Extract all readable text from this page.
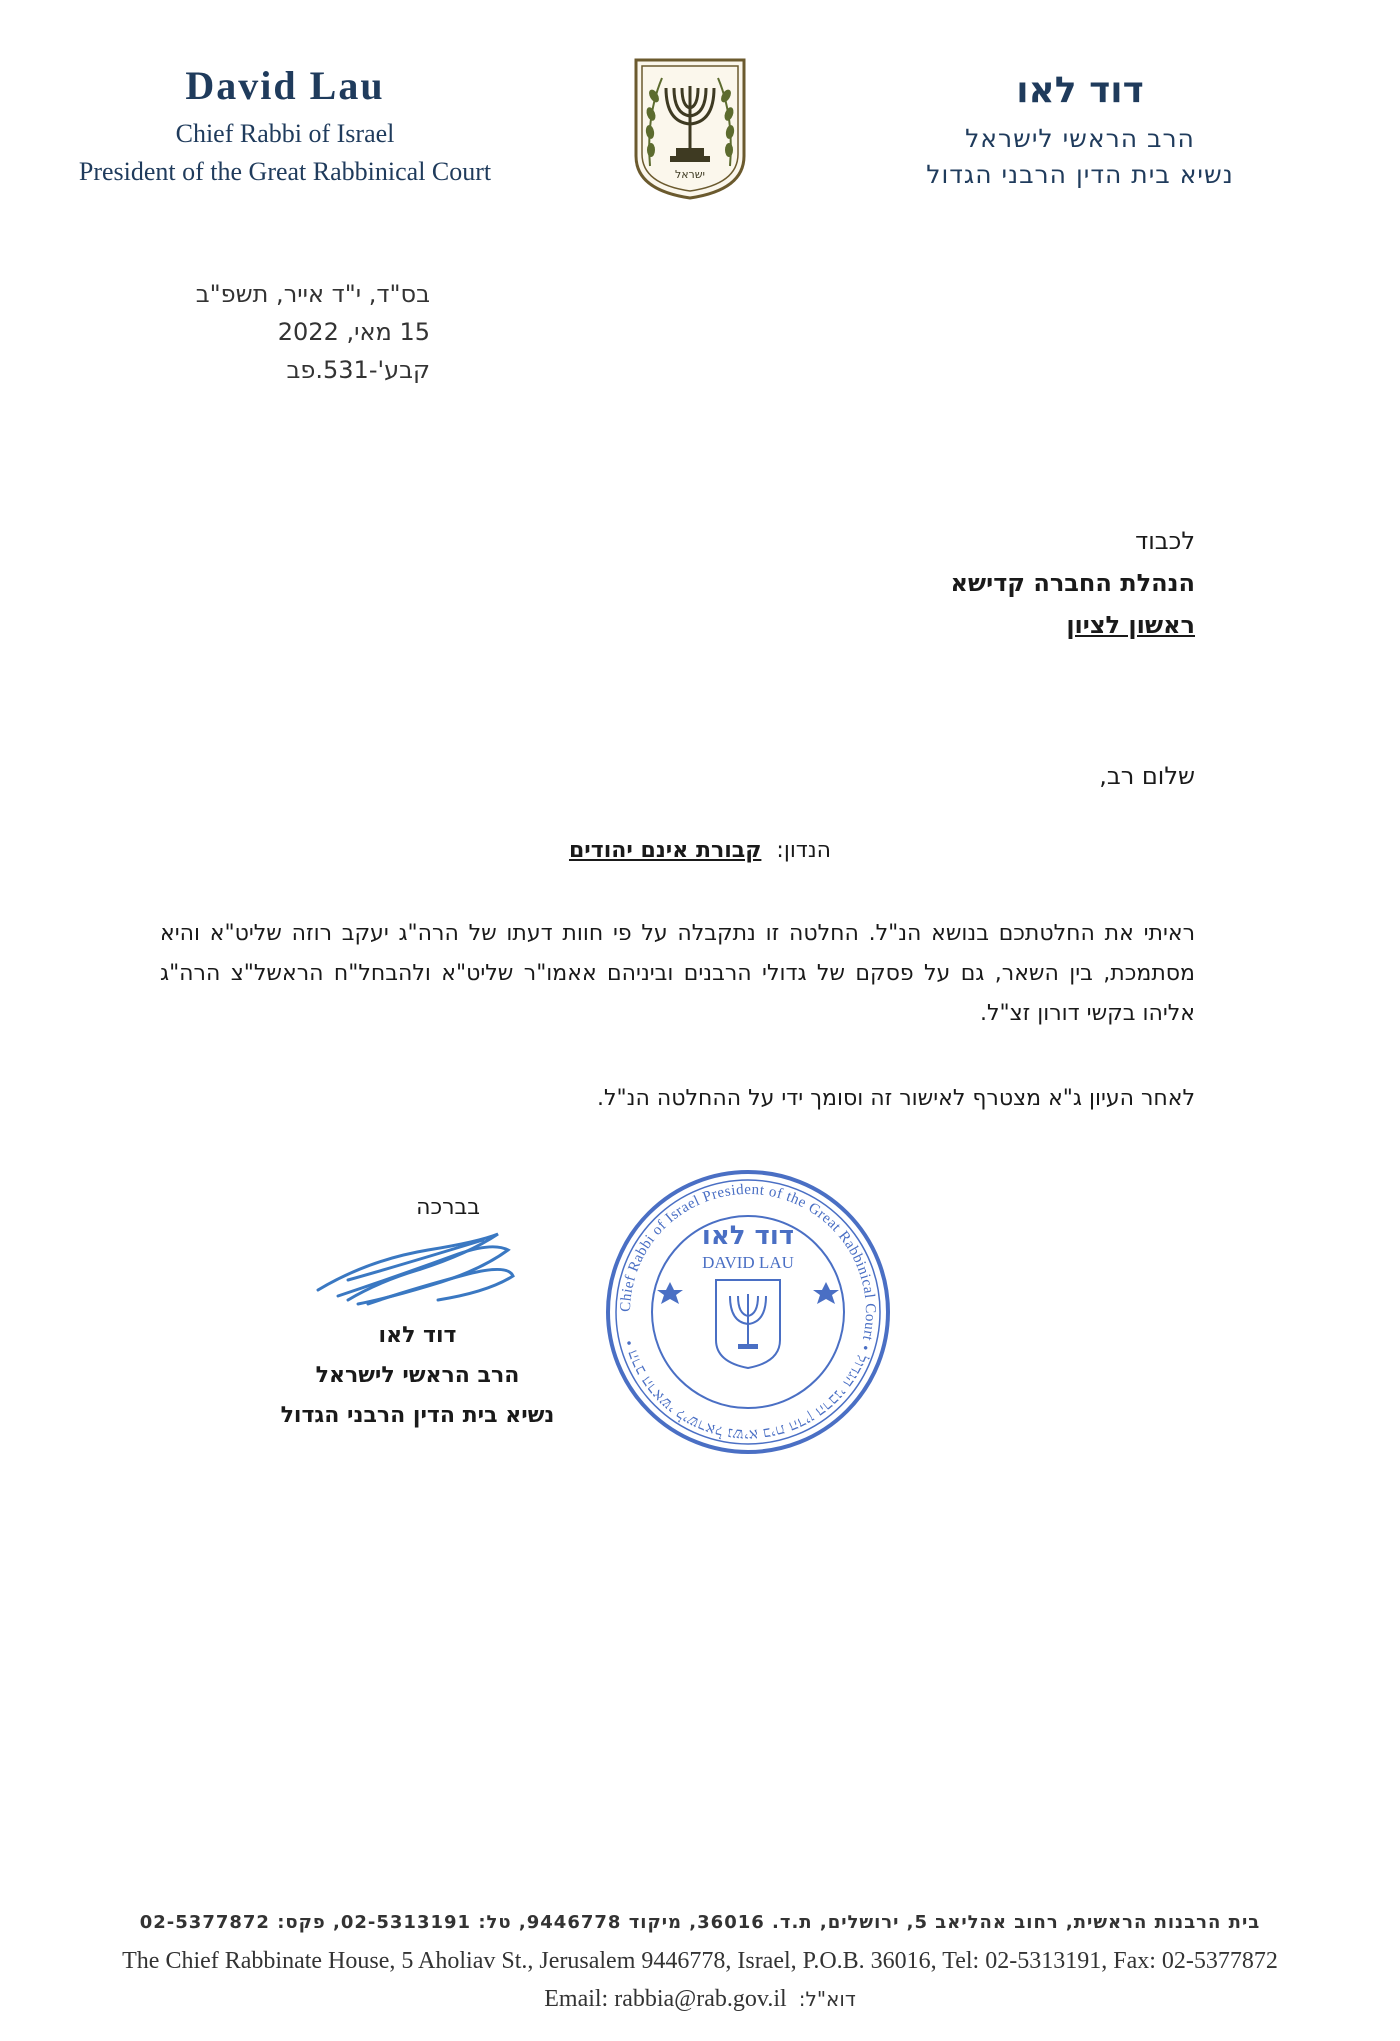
David Lau
Chief Rabbi of Israel
President of the Great Rabbinical Court	ישראל
דוד לאו
הרב הראשי לישראל
נשיא בית הדין הרבני הגדול
בס"ד, י"ד אייר, תשפ"ב
15 מאי, 2022
קבע'-531.פב
לכבוד
הנהלת החברה קדישא
ראשון לציון
שלום רב,
הנדון: קבורת אינם יהודים
ראיתי את החלטתכם בנושא הנ"ל. החלטה זו נתקבלה על פי חוות דעתו של הרה"ג יעקב רוזה שליט"א והיא מסתמכת, בין השאר, גם על פסקם של גדולי הרבנים וביניהם אאמו"ר שליט"א ולהבחל"ח הראשל"צ הרה"ג אליהו בקשי דורון זצ"ל.
לאחר העיון ג"א מצטרף לאישור זה וסומך ידי על ההחלטה הנ"ל.
בברכה
דוד לאו
הרב הראשי לישראל
נשיא בית הדין הרבני הגדול
Chief Rabbi of Israel President of the Great Rabbinical Court • הרב הראשי לישראל נשיא בית הדין הרבני הגדול •
דוד לאו
DAVID LAU
בית הרבנות הראשית, רחוב אהליאב 5, ירושלים, ת.ד. 36016, מיקוד 9446778, טל: 02-5313191, פקס: 02-5377872
The Chief Rabbinate House, 5 Aholiav St., Jerusalem 9446778, Israel, P.O.B. 36016, Tel: 02-5313191, Fax: 02-5377872
Email: rabbia@rab.gov.il דוא"ל:
